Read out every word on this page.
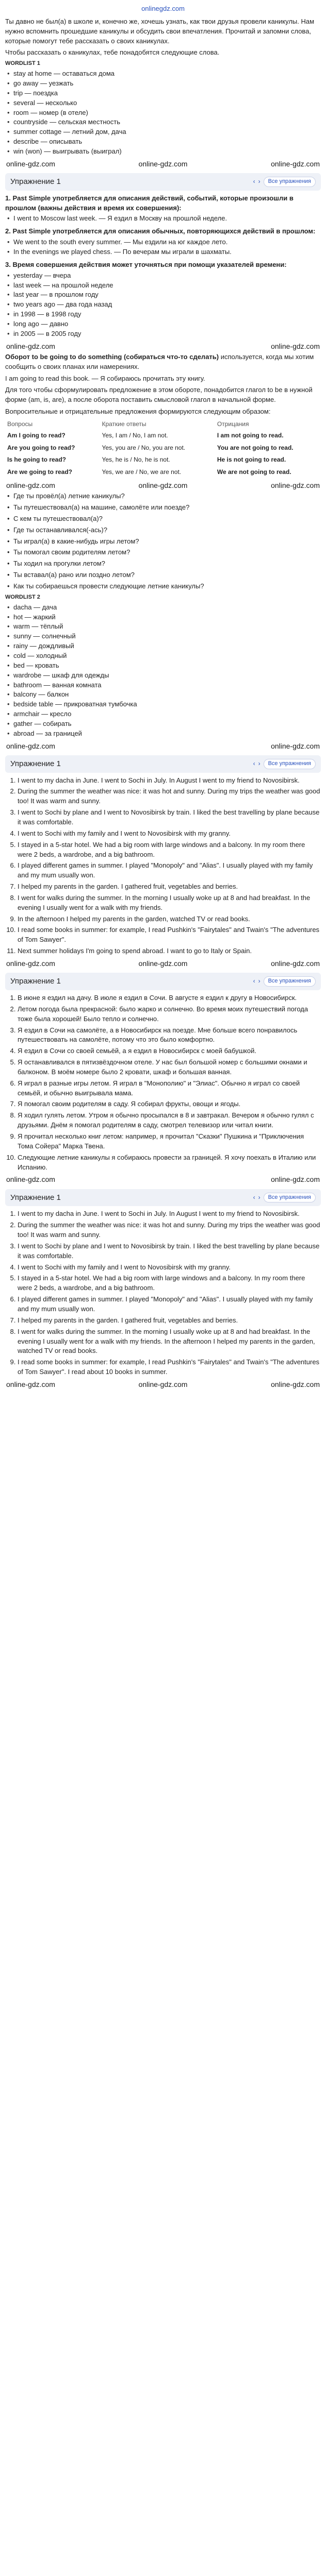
onlinegdz.com

Ты давно не был(а) в школе и, конечно же, хочешь узнать, как твои друзья провели каникулы. Нам нужно вспомнить прошедшие каникулы и обсудить свои впечатления. Прочитай и запомни слова, которые помогут тебе рассказать о своих каникулах.

Чтобы рассказать о каникулах, тебе понадобятся следующие слова.

WORDLIST 1
• stay at home — оставаться дома
• go away — уезжать
• trip — поездка
• several — несколько
• room — номер (в отеле)
• countryside — сельская местность
• summer cottage — летний дом, дача
• describe — описывать
• win (won) — выигрывать (выиграл)
online-gdz.com	online-gdz.com	online-gdz.com
Упражнение 1	‹ ›	Все упражнения
1. Past Simple употребляется для описания действий, событий, которые произошли в прошлом (важны действия и время их совершения):
• I went to Moscow last week. — Я ездил в Москву на прошлой неделе.
2. Past Simple употребляется для описания обычных, повторяющихся действий в прошлом:
• We went to the south every summer. — Мы ездили на юг каждое лето.
• In the evenings we played chess. — По вечерам мы играли в шахматы.
3. Время совершения действия может уточняться при помощи указателей времени:
• yesterday — вчера
• last week — на прошлой неделе
• last year — в прошлом году
• two years ago — два года назад
• in 1998 — в 1998 году
• long ago — давно
• in 2005 — в 2005 году
online-gdz.com	online-gdz.com

Оборот to be going to do something (собираться что-то сделать) используется, когда мы хотим сообщить о своих планах или намерениях.

I am going to read this book. — Я собираюсь прочитать эту книгу.

Для того чтобы сформулировать предложение в этом обороте, понадобится глагол to be в нужной форме (am, is, are), а после оборота поставить смысловой глагол в начальной форме.

Вопросительные и отрицательные предложения формируются следующим образом:

Вопросы	Краткие ответы	Отрицания
Am I going to read?	Yes, I am / No, I am not.	I am not going to read.
Are you going to read?	Yes, you are / No, you are not.	You are not going to read.
Is he going to read?	Yes, he is / No, he is not.	He is not going to read.
Are we going to read?	Yes, we are / No, we are not.	We are not going to read.
online-gdz.com	online-gdz.com	online-gdz.com
• Где ты провёл(а) летние каникулы?
• Ты путешествовал(а) на машине, самолёте или поезде?
• С кем ты путешествовал(а)?
• Где ты останавливался(-ась)?
• Ты играл(а) в какие-нибудь игры летом?
• Ты помогал своим родителям летом?
• Ты ходил на прогулки летом?
• Ты вставал(а) рано или поздно летом?
• Как ты собираешься провести следующие летние каникулы?
WORDLIST 2
• dacha — дача
• hot — жаркий
• warm — тёплый
• sunny — солнечный
• rainy — дождливый
• cold — холодный
• bed — кровать
• wardrobe — шкаф для одежды
• bathroom — ванная комната
• balcony — балкон
• bedside table — прикроватная тумбочка
• armchair — кресло
• gather — собирать
• abroad — за границей
online-gdz.com	online-gdz.com
Упражнение 1	‹ ›	Все упражнения
1. I went to my dacha in June. I went to Sochi in July. In August I went to my friend to Novosibirsk.
2. During the summer the weather was nice: it was hot and sunny. During my trips the weather was good too! It was warm and sunny.
3. I went to Sochi by plane and I went to Novosibirsk by train. I liked the best travelling by plane because it was comfortable.
4. I went to Sochi with my family and I went to Novosibirsk with my granny.
5. I stayed in a 5-star hotel. We had a big room with large windows and a balcony. In my room there were 2 beds, a wardrobe, and a big bathroom.
6. I played different games in summer. I played "Monopoly" and "Alias". I usually played with my family and my mum usually won.
7. I helped my parents in the garden. I gathered fruit, vegetables and berries.
8. I went for walks during the summer. In the morning I usually woke up at 8 and had breakfast. In the evening I usually went for a walk with my friends.
9. In the afternoon I helped my parents in the garden, watched TV or read books.
10. I read some books in summer: for example, I read Pushkin's "Fairytales" and Twain's "The adventures of Tom Sawyer".
11. Next summer holidays I'm going to spend abroad. I want to go to Italy or Spain.
online-gdz.com	online-gdz.com	online-gdz.com
Упражнение 1	‹ ›	Все упражнения
1. В июне я ездил на дачу. В июле я ездил в Сочи. В августе я ездил к другу в Новосибирск.
2. Летом погода была прекрасной: было жарко и солнечно. Во время моих путешествий погода тоже была хорошей! Было тепло и солнечно.
3. Я ездил в Сочи на самолёте, а в Новосибирск на поезде. Мне больше всего понравилось путешествовать на самолёте, потому что это было комфортно.
4. Я ездил в Сочи со своей семьёй, а я ездил в Новосибирск с моей бабушкой.
5. Я останавливался в пятизвёздочном отеле. У нас был большой номер с большими окнами и балконом. В моём номере было 2 кровати, шкаф и большая ванная.
6. Я играл в разные игры летом. Я играл в "Монополию" и "Элиас". Обычно я играл со своей семьёй, и обычно выигрывала мама.
7. Я помогал своим родителям в саду. Я собирал фрукты, овощи и ягоды.
8. Я ходил гулять летом. Утром я обычно просыпался в 8 и завтракал. Вечером я обычно гулял с друзьями. Днём я помогал родителям в саду, смотрел телевизор или читал книги.
9. Я прочитал несколько книг летом: например, я прочитал "Сказки" Пушкина и "Приключения Тома Сойера" Марка Твена.
10. Следующие летние каникулы я собираюсь провести за границей. Я хочу поехать в Италию или Испанию.
online-gdz.com	online-gdz.com
Упражнение 1	‹ ›	Все упражнения
1. I went to my dacha in June. I went to Sochi in July. In August I went to my friend to Novosibirsk.
2. During the summer the weather was nice: it was hot and sunny. During my trips the weather was good too! It was warm and sunny.
3. I went to Sochi by plane and I went to Novosibirsk by train. I liked the best travelling by plane because it was comfortable.
4. I went to Sochi with my family and I went to Novosibirsk with my granny.
5. I stayed in a 5-star hotel. We had a big room with large windows and a balcony. In my room there were 2 beds, a wardrobe, and a big bathroom.
6. I played different games in summer. I played "Monopoly" and "Alias". I usually played with my family and my mum usually won.
7. I helped my parents in the garden. I gathered fruit, vegetables and berries.
8. I went for walks during the summer. In the morning I usually woke up at 8 and had breakfast. In the evening I usually went for a walk with my friends. In the afternoon I helped my parents in the garden, watched TV or read books.
9. I read some books in summer: for example, I read Pushkin's "Fairytales" and Twain's "The adventures of Tom Sawyer". I read about 10 books in summer.
online-gdz.com	online-gdz.com	online-gdz.com
